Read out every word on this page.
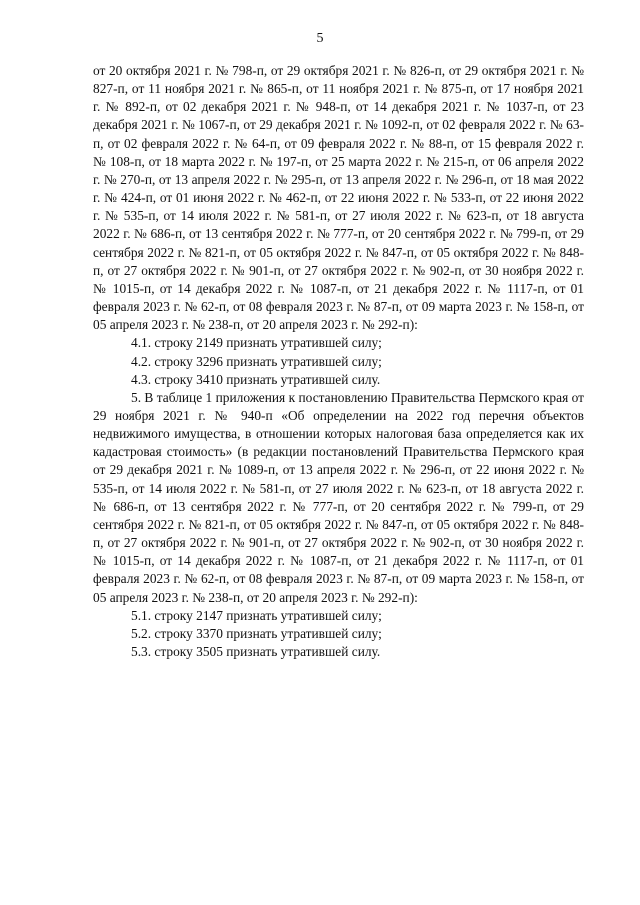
5

от 20 октября 2021 г. № 798-п, от 29 октября 2021 г. № 826-п, от 29 октября 2021 г. № 827-п, от 11 ноября 2021 г. № 865-п, от 11 ноября 2021 г. № 875-п, от 17 ноября 2021 г. № 892-п, от 02 декабря 2021 г. № 948-п, от 14 декабря 2021 г. № 1037-п, от 23 декабря 2021 г. № 1067-п, от 29 декабря 2021 г. № 1092-п, от 02 февраля 2022 г. № 63-п, от 02 февраля 2022 г. № 64-п, от 09 февраля 2022 г. № 88-п, от 15 февраля 2022 г. № 108-п, от 18 марта 2022 г. № 197-п, от 25 марта 2022 г. № 215-п, от 06 апреля 2022 г. № 270-п, от 13 апреля 2022 г. № 295-п, от 13 апреля 2022 г. № 296-п, от 18 мая 2022 г. № 424-п, от 01 июня 2022 г. № 462-п, от 22 июня 2022 г. № 533-п, от 22 июня 2022 г. № 535-п, от 14 июля 2022 г. № 581-п, от 27 июля 2022 г. № 623-п, от 18 августа 2022 г. № 686-п, от 13 сентября 2022 г. № 777-п, от 20 сентября 2022 г. № 799-п, от 29 сентября 2022 г. № 821-п, от 05 октября 2022 г. № 847-п, от 05 октября 2022 г. № 848-п, от 27 октября 2022 г. № 901-п, от 27 октября 2022 г. № 902-п, от 30 ноября 2022 г. № 1015-п, от 14 декабря 2022 г. № 1087-п, от 21 декабря 2022 г. № 1117-п, от 01 февраля 2023 г. № 62-п, от 08 февраля 2023 г. № 87-п, от 09 марта 2023 г. № 158-п, от 05 апреля 2023 г. № 238-п, от 20 апреля 2023 г. № 292-п):

4.1. строку 2149 признать утратившей силу;

4.2. строку 3296 признать утратившей силу;

4.3. строку 3410 признать утратившей силу.

5. В таблице 1 приложения к постановлению Правительства Пермского края от 29 ноября 2021 г. № 940-п «Об определении на 2022 год перечня объектов недвижимого имущества, в отношении которых налоговая база определяется как их кадастровая стоимость» (в редакции постановлений Правительства Пермского края от 29 декабря 2021 г. № 1089-п, от 13 апреля 2022 г. № 296-п, от 22 июня 2022 г. № 535-п, от 14 июля 2022 г. № 581-п, от 27 июля 2022 г. № 623-п, от 18 августа 2022 г. № 686-п, от 13 сентября 2022 г. № 777-п, от 20 сентября 2022 г. № 799-п, от 29 сентября 2022 г. № 821-п, от 05 октября 2022 г. № 847-п, от 05 октября 2022 г. № 848-п, от 27 октября 2022 г. № 901-п, от 27 октября 2022 г. № 902-п, от 30 ноября 2022 г. № 1015-п, от 14 декабря 2022 г. № 1087-п, от 21 декабря 2022 г. № 1117-п, от 01 февраля 2023 г. № 62-п, от 08 февраля 2023 г. № 87-п, от 09 марта 2023 г. № 158-п, от 05 апреля 2023 г. № 238-п, от 20 апреля 2023 г. № 292-п):

5.1. строку 2147 признать утратившей силу;

5.2. строку 3370 признать утратившей силу;

5.3. строку 3505 признать утратившей силу.
